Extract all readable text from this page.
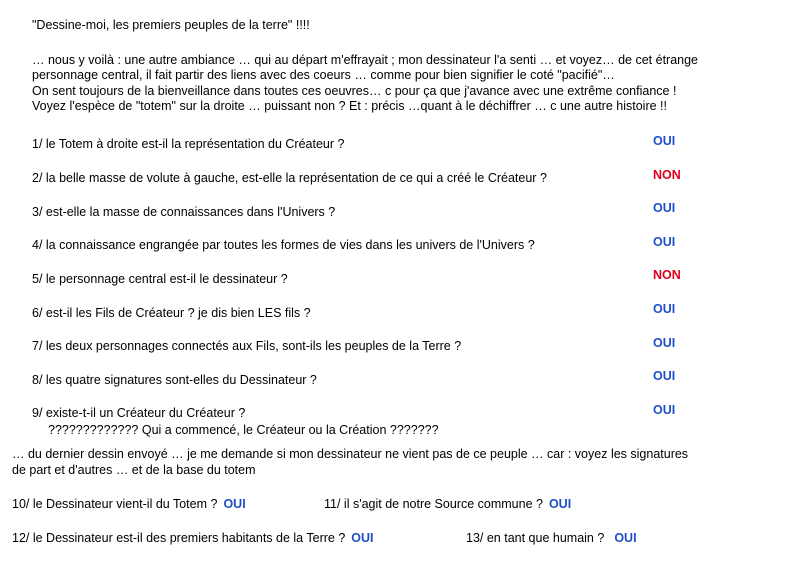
"Dessine-moi, les premiers peuples de la terre" !!!!
… nous y voilà : une autre ambiance … qui au départ m'effrayait ; mon dessinateur l'a senti … et voyez… de cet étrange
personnage central, il fait partir des liens avec des coeurs … comme pour bien signifier le coté "pacifié"…
On sent toujours de la bienveillance dans toutes ces oeuvres… c pour ça que j'avance avec une extrême confiance !
Voyez l'espèce de "totem" sur la droite … puissant non ? Et : précis …quant à le déchiffrer … c une autre histoire !!
1/ le Totem à droite est-il la représentation du Créateur ?	OUI
2/ la belle masse de volute à gauche, est-elle la représentation de ce qui a créé le Créateur ?	NON
3/ est-elle la masse de connaissances dans l'Univers ?	OUI
4/ la connaissance engrangée par toutes les formes de vies dans les univers de l'Univers ?	OUI
5/ le personnage central est-il le dessinateur ?	NON
6/ est-il les Fils de Créateur ? je dis bien LES fils ?	OUI
7/ les deux personnages connectés aux Fils, sont-ils les peuples de la Terre ?	OUI
8/ les quatre signatures sont-elles du Dessinateur ?	OUI
9/ existe-t-il un Créateur du Créateur ?	OUI
????????????? Qui a commencé, le Créateur ou la Création ???????
… du dernier dessin envoyé … je me demande si mon dessinateur ne vient pas de ce peuple … car : voyez les signatures
de part et d'autres … et de la base du totem
10/ le Dessinateur vient-il du Totem ? OUI	11/ il s'agit de notre Source commune ? OUI
12/ le Dessinateur est-il des premiers habitants de la Terre ? OUI	13/ en tant que humain ? OUI
